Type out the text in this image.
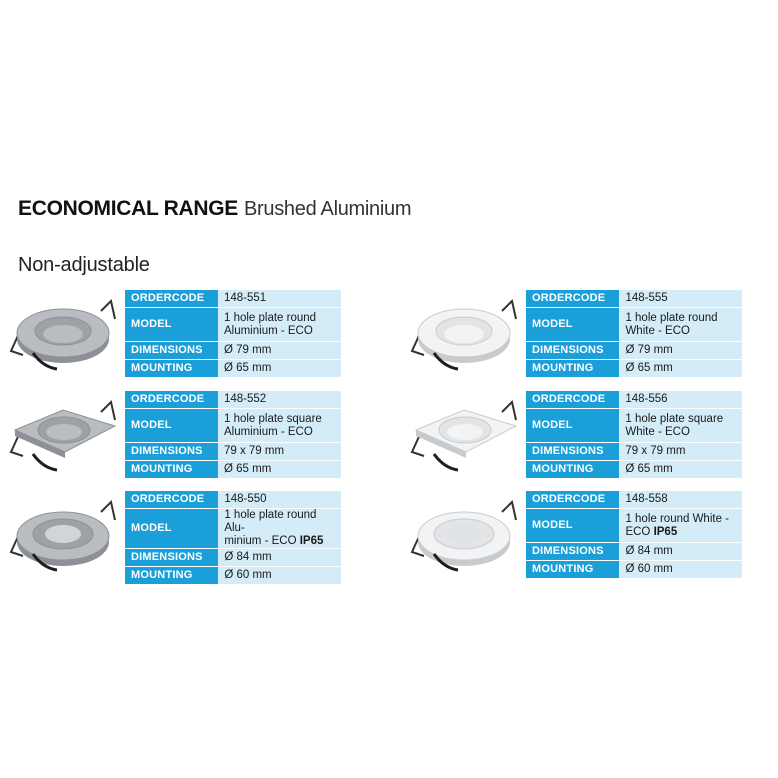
ECONOMICAL RANGE Brushed Aluminium
Non-adjustable
ORDERCODE	148-551
MODEL	1 hole plate round
Aluminium - ECO
DIMENSIONS	Ø 79 mm
MOUNTING	Ø 65 mm
ORDERCODE	148-555
MODEL	1 hole plate round
White - ECO
DIMENSIONS	Ø 79 mm
MOUNTING	Ø 65 mm
ORDERCODE	148-552
MODEL	1 hole plate square
Aluminium - ECO
DIMENSIONS	79 x 79 mm
MOUNTING	Ø 65 mm
ORDERCODE	148-556
MODEL	1 hole plate square
White - ECO
DIMENSIONS	79 x 79 mm
MOUNTING	Ø 65 mm
ORDERCODE	148-550
MODEL	1 hole plate round Alu-
minium - ECO IP65
DIMENSIONS	Ø 84 mm
MOUNTING	Ø 60 mm
ORDERCODE	148-558
MODEL	1 hole round White -
ECO IP65
DIMENSIONS	Ø 84 mm
MOUNTING	Ø 60 mm
